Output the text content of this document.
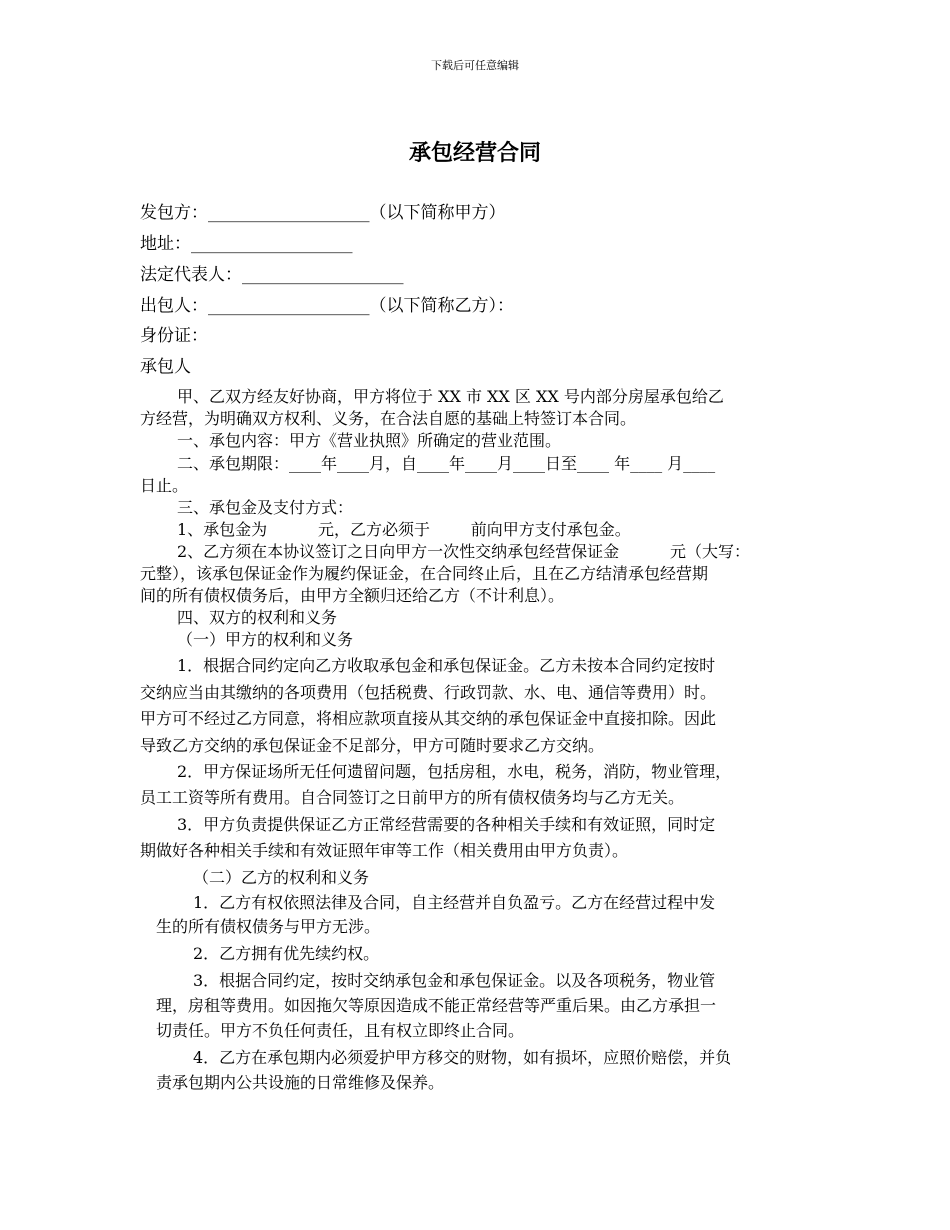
下载后可任意编辑
承包经营合同
发包方：___________________（以下简称甲方）
地址：___________________
法定代表人：___________________
出包人：___________________（以下简称乙方）：
身份证：
承包人
甲、乙双方经友好协商，甲方将位于 XX 市 XX 区 XX 号内部分房屋承包给乙
方经营，为明确双方权利、义务，在合法自愿的基础上特签订本合同。
一、承包内容：甲方《营业执照》所确定的营业范围。
二、承包期限：____年____月，自____年____月____日至____ 年____ 月____
日止。
三、承包金及支付方式：
1、承包金为          元，乙方必须于        前向甲方支付承包金。
2、乙方须在本协议签订之日向甲方一次性交纳承包经营保证金          元（大写：
元整），该承包保证金作为履约保证金，在合同终止后，且在乙方结清承包经营期
间的所有债权债务后，由甲方全额归还给乙方（不计利息）。
四、双方的权利和义务
（一）甲方的权利和义务
1．根据合同约定向乙方收取承包金和承包保证金。乙方未按本合同约定按时
交纳应当由其缴纳的各项费用（包括税费、行政罚款、水、电、通信等费用）时。
甲方可不经过乙方同意，将相应款项直接从其交纳的承包保证金中直接扣除。因此
导致乙方交纳的承包保证金不足部分，甲方可随时要求乙方交纳。
2．甲方保证场所无任何遗留问题，包括房租，水电，税务，消防，物业管理，
员工工资等所有费用。自合同签订之日前甲方的所有债权债务均与乙方无关。
3．甲方负责提供保证乙方正常经营需要的各种相关手续和有效证照，同时定
期做好各种相关手续和有效证照年审等工作（相关费用由甲方负责）。
（二）乙方的权利和义务
1．乙方有权依照法律及合同，自主经营并自负盈亏。乙方在经营过程中发
生的所有债权债务与甲方无涉。
2．乙方拥有优先续约权。
3．根据合同约定，按时交纳承包金和承包保证金。以及各项税务，物业管
理，房租等费用。如因拖欠等原因造成不能正常经营等严重后果。由乙方承担一
切责任。甲方不负任何责任，且有权立即终止合同。
4．乙方在承包期内必须爱护甲方移交的财物，如有损坏，应照价赔偿，并负
责承包期内公共设施的日常维修及保养。
